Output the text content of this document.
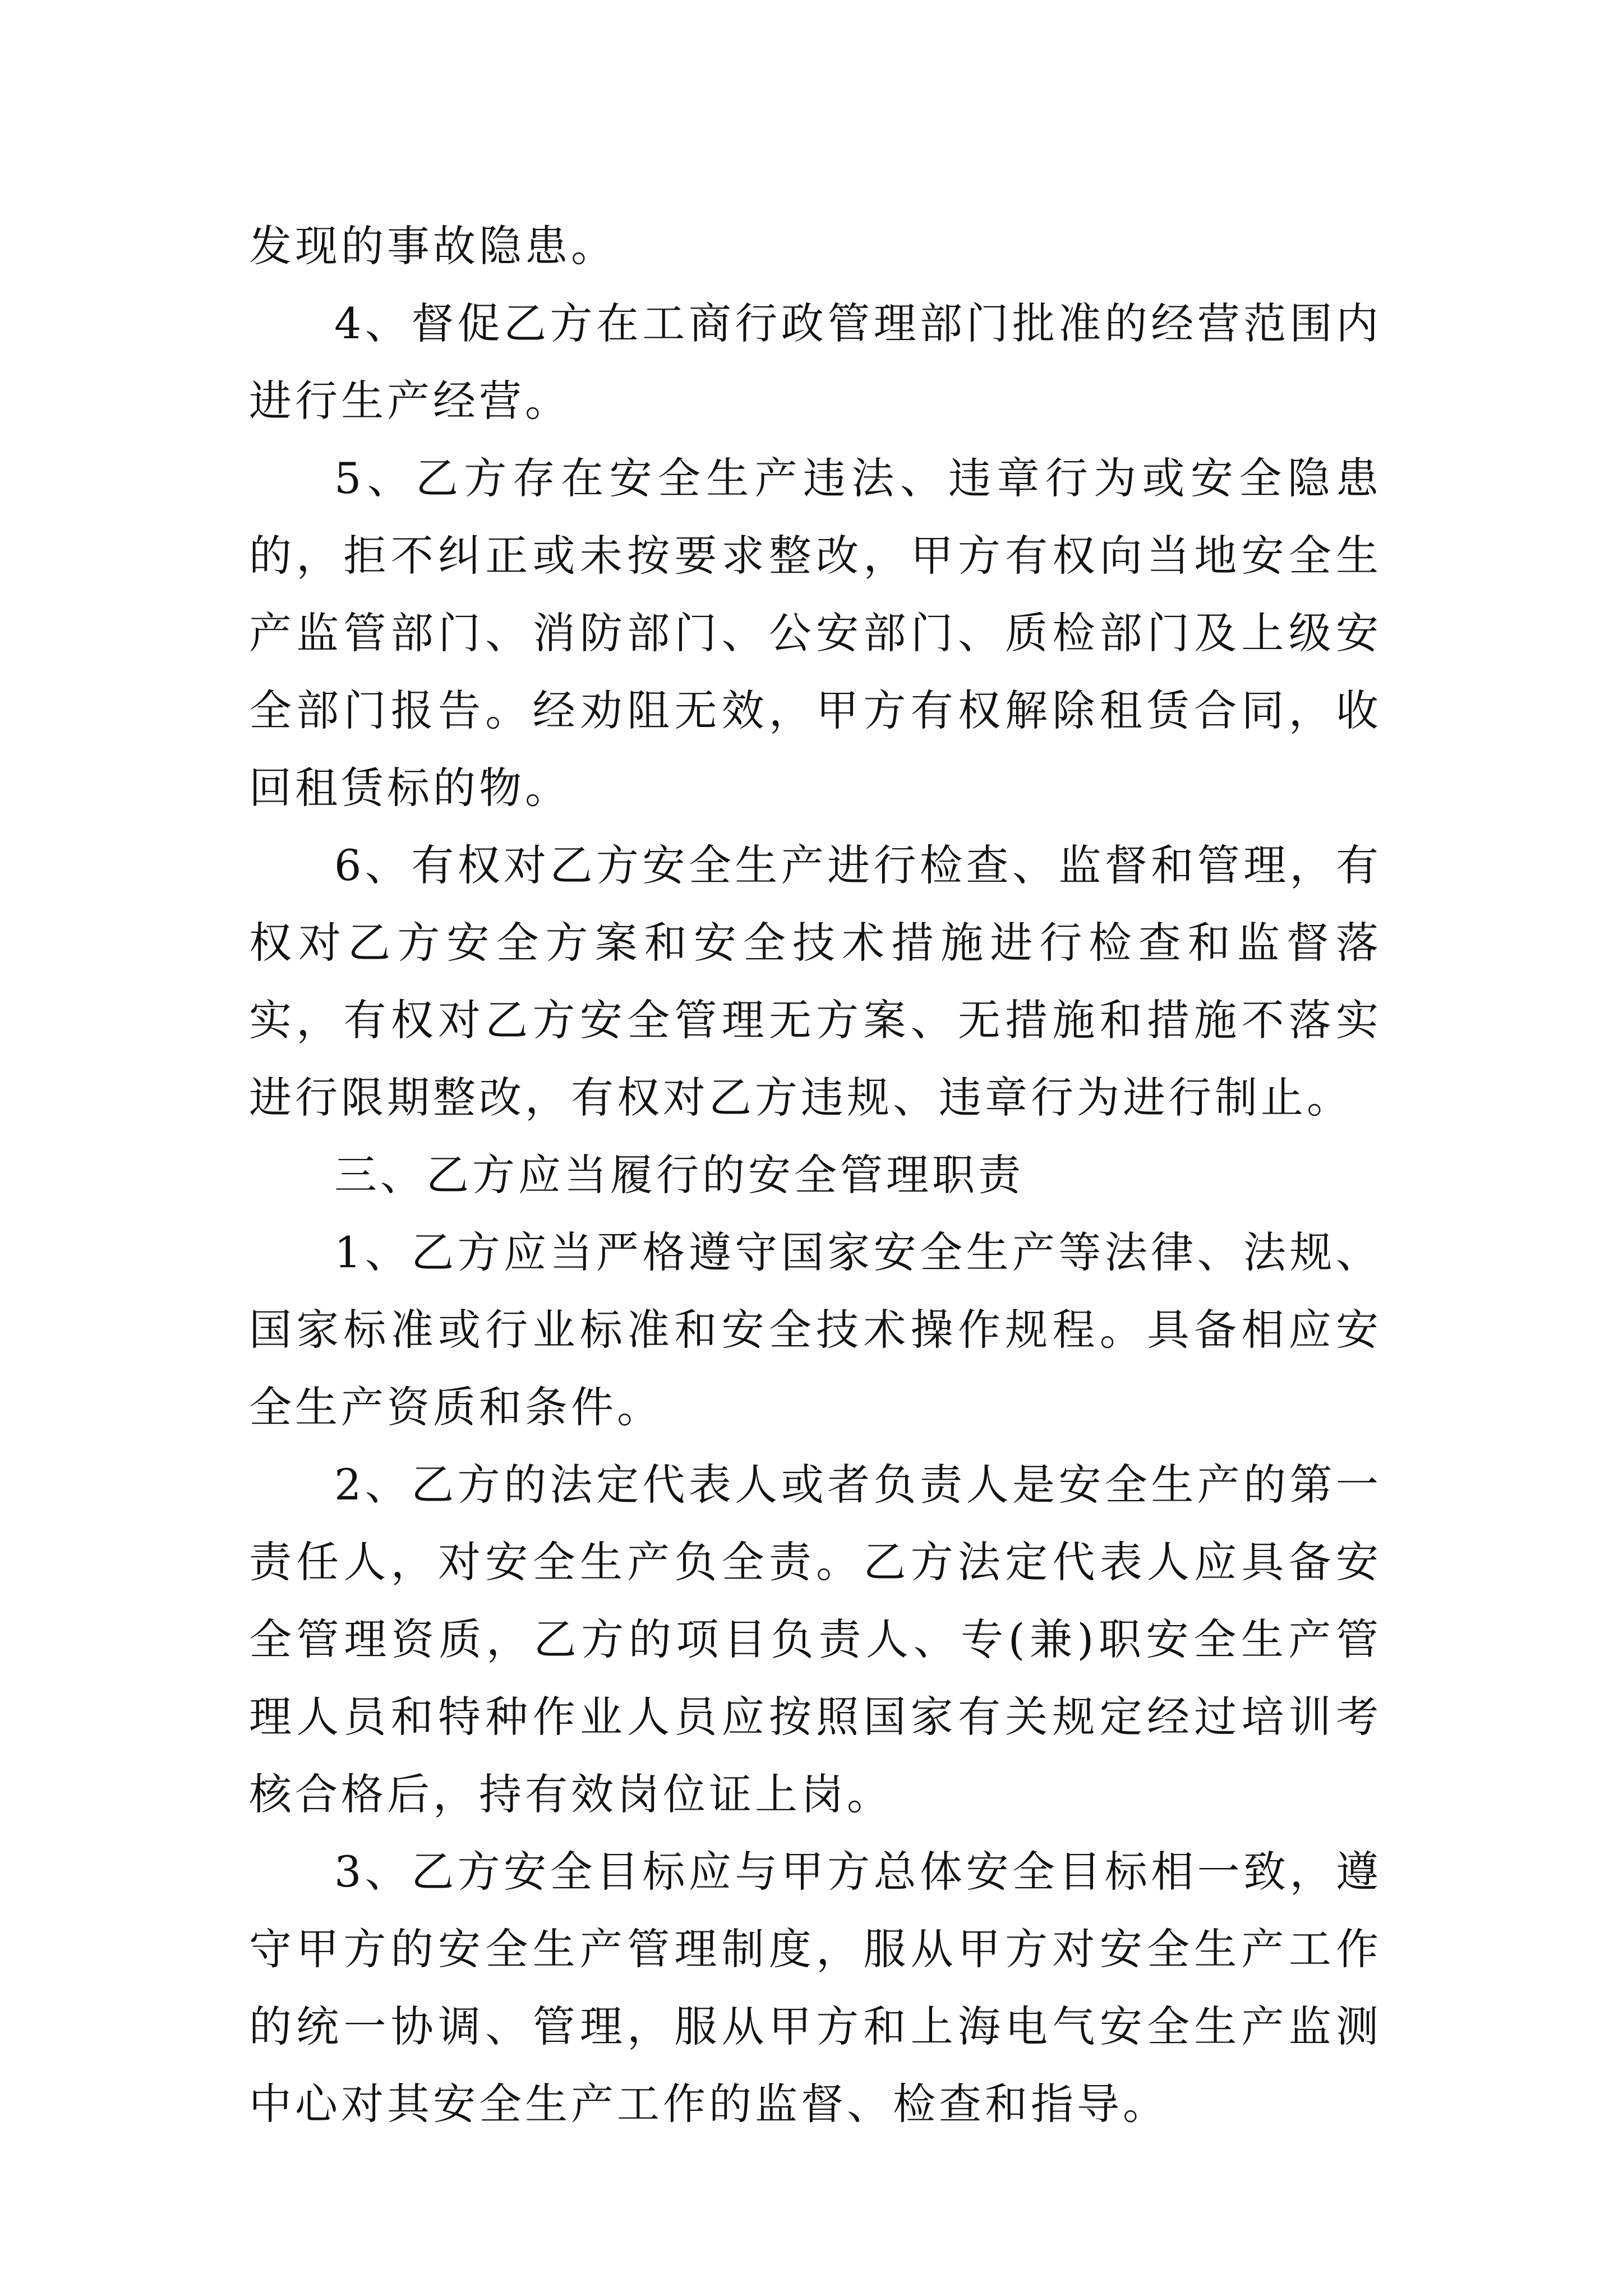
发现的事故隐患。

4、督促乙方在工商行政管理部门批准的经营范围内进行生产经营。

5、乙方存在安全生产违法、违章行为或安全隐患的，拒不纠正或未按要求整改，甲方有权向当地安全生产监管部门、消防部门、公安部门、质检部门及上级安全部门报告。经劝阻无效，甲方有权解除租赁合同，收回租赁标的物。

6、有权对乙方安全生产进行检查、监督和管理，有权对乙方安全方案和安全技术措施进行检查和监督落实，有权对乙方安全管理无方案、无措施和措施不落实进行限期整改，有权对乙方违规、违章行为进行制止。

三、乙方应当履行的安全管理职责

1、乙方应当严格遵守国家安全生产等法律、法规、国家标准或行业标准和安全技术操作规程。具备相应安全生产资质和条件。

2、乙方的法定代表人或者负责人是安全生产的第一责任人，对安全生产负全责。乙方法定代表人应具备安全管理资质，乙方的项目负责人、专(兼)职安全生产管理人员和特种作业人员应按照国家有关规定经过培训考核合格后，持有效岗位证上岗。

3、乙方安全目标应与甲方总体安全目标相一致，遵守甲方的安全生产管理制度，服从甲方对安全生产工作的统一协调、管理，服从甲方和上海电气安全生产监测中心对其安全生产工作的监督、检查和指导。
